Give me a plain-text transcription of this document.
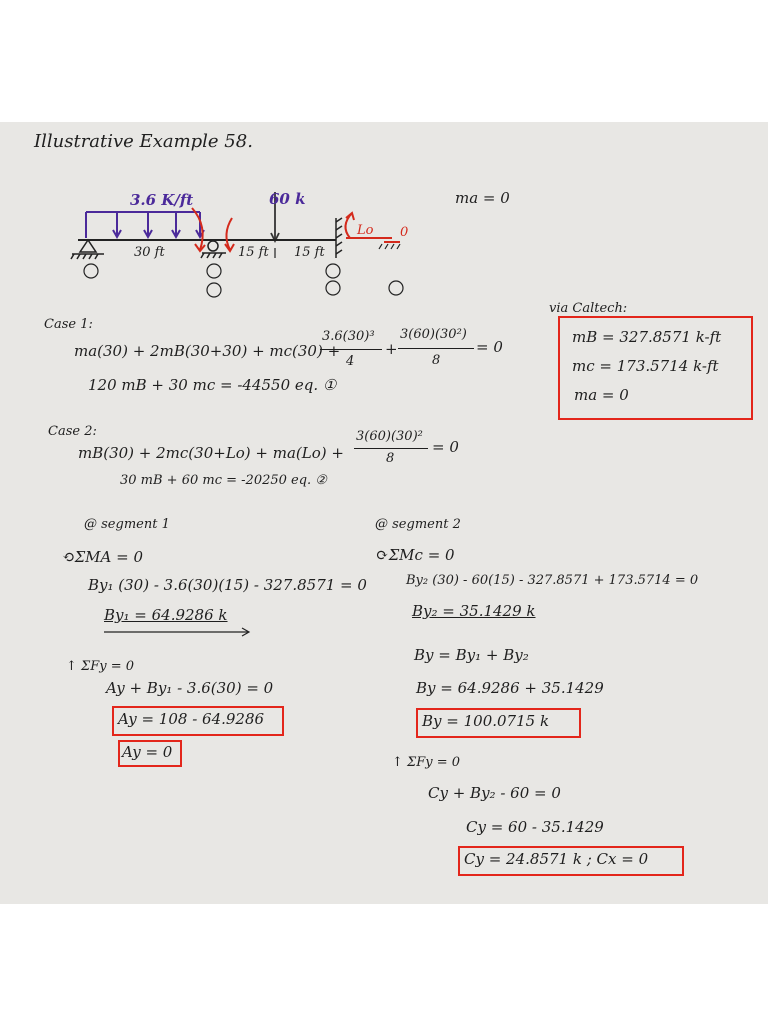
Illustrative Example 58.
3.6 K/ft	60 k	ma = 0
30 ft	15 ft 15 ft
Lo 0
via Caltech:
mB = 327.8571 k-ft
mc = 173.5714 k-ft
ma = 0
Case 1:
ma(30) + 2mB(30+30) + mc(30) +
3.6(30)³
4
+
3(60)(30²)
8
= 0
120 mB + 30 mc = -44550 eq. ①
Case 2:
mB(30) + 2mc(30+Lo) + ma(Lo) +
3(60)(30)²
8
= 0
30 mB + 60 mc = -20250 eq. ②
@ segment 1
⟲ΣMA = 0
By₁ (30) - 3.6(30)(15) - 327.8571 = 0
By₁ = 64.9286 k
↑ ΣFy = 0
Ay + By₁ - 3.6(30) = 0
Ay = 108 - 64.9286
Ay = 0
@ segment 2
⟳ΣMc = 0
By₂ (30) - 60(15) - 327.8571 + 173.5714 = 0
By₂ = 35.1429 k
By = By₁ + By₂
By = 64.9286 + 35.1429
By = 100.0715 k
↑ ΣFy = 0
Cy + By₂ - 60 = 0
Cy = 60 - 35.1429
Cy = 24.8571 k ; Cx = 0
